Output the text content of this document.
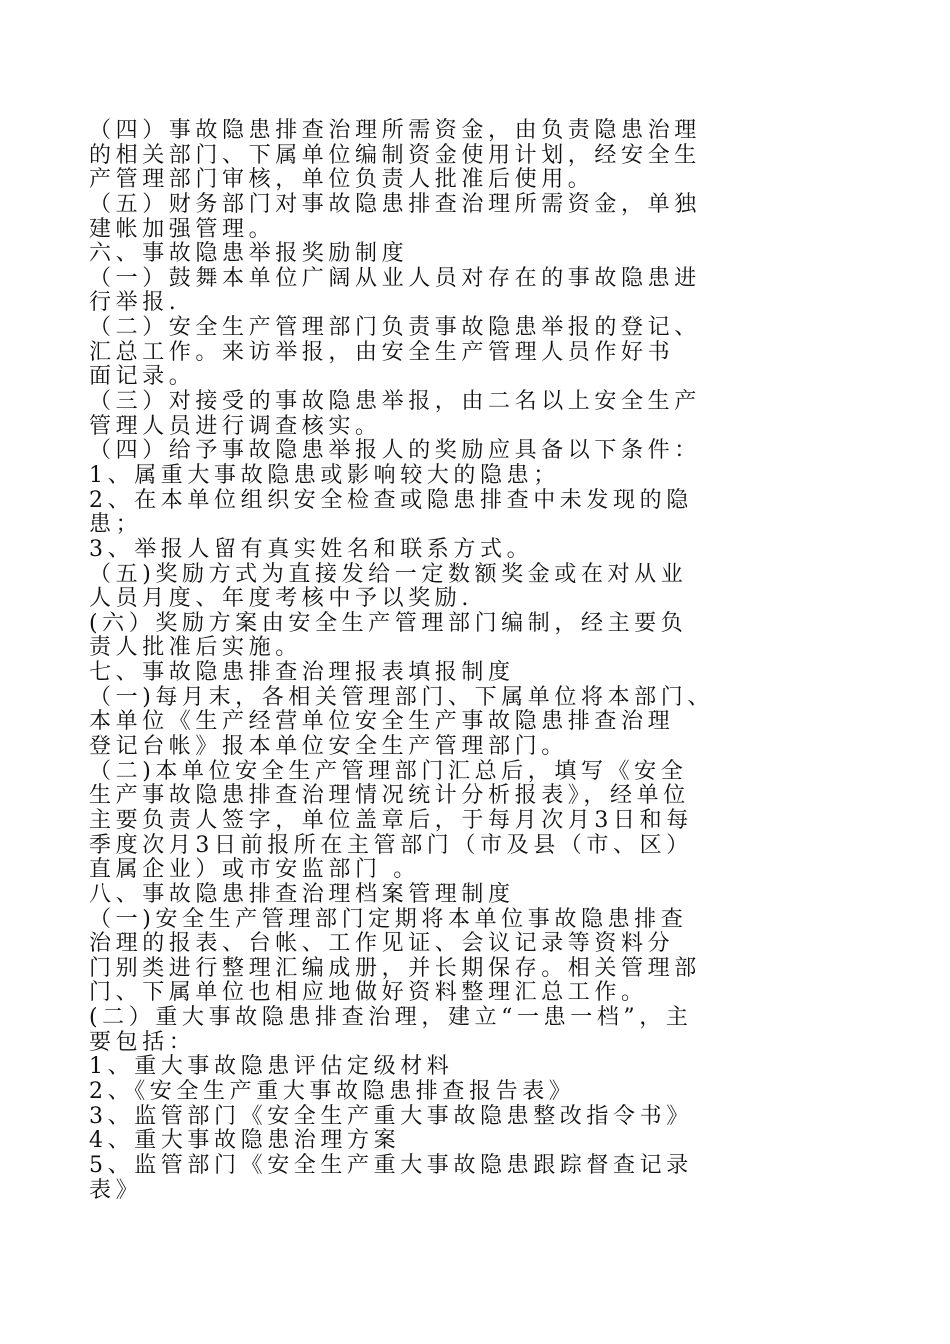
（四）事故隐患排查治理所需资金，由负责隐患治理
的相关部门、下属单位编制资金使用计划，经安全生
产管理部门审核，单位负责人批准后使用。
（五）财务部门对事故隐患排查治理所需资金，单独
建帐加强管理。
六、事故隐患举报奖励制度
（一）鼓舞本单位广阔从业人员对存在的事故隐患进
行举报.
（二）安全生产管理部门负责事故隐患举报的登记、
汇总工作。来访举报，由安全生产管理人员作好书
面记录。
（三）对接受的事故隐患举报，由二名以上安全生产
管理人员进行调查核实。
（四）给予事故隐患举报人的奖励应具备以下条件：
1、属重大事故隐患或影响较大的隐患；
2、在本单位组织安全检查或隐患排查中未发现的隐
患；
3、举报人留有真实姓名和联系方式。
（五)奖励方式为直接发给一定数额奖金或在对从业
人员月度、年度考核中予以奖励.
(六）奖励方案由安全生产管理部门编制，经主要负
责人批准后实施。
七、事故隐患排查治理报表填报制度
（一)每月末，各相关管理部门、下属单位将本部门、
本单位《生产经营单位安全生产事故隐患排查治理
登记台帐》报本单位安全生产管理部门。
（二)本单位安全生产管理部门汇总后，填写《安全
生产事故隐患排查治理情况统计分析报表》，经单位
主要负责人签字，单位盖章后，于每月次月3日和每
季度次月3日前报所在主管部门（市及县（市、区）
直属企业）或市安监部门 。
八、事故隐患排查治理档案管理制度
（一)安全生产管理部门定期将本单位事故隐患排查
治理的报表、台帐、工作见证、会议记录等资料分
门别类进行整理汇编成册，并长期保存。相关管理部
门、下属单位也相应地做好资料整理汇总工作。
(二）重大事故隐患排查治理，建立“一患一档”，主
要包括：
1、重大事故隐患评估定级材料
2、《安全生产重大事故隐患排查报告表》
3、监管部门《安全生产重大事故隐患整改指令书》
4、重大事故隐患治理方案
5、监管部门《安全生产重大事故隐患跟踪督查记录
表》
